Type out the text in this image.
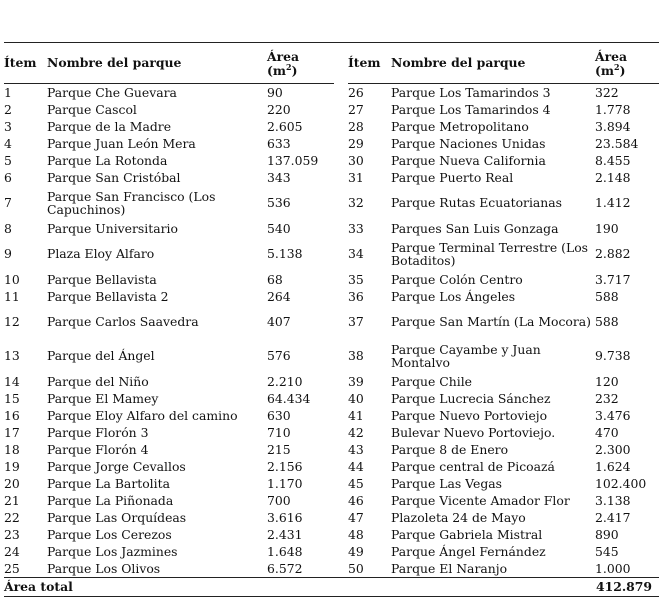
Ítem Nombre del parque	Área
$(m^2)$
1	Parque Che Guevara	90
2	Parque Cascol	220
3	Parque de la Madre	2.605
4	Parque Juan León Mera	633
5	Parque La Rotonda	137.059
6	Parque San Cristóbal	343
7	Parque San Francisco (Los Capuchinos)	536
8	Parque Universitario	540
9	Plaza Eloy Alfaro	5.138
10	Parque Bellavista	68
11	Parque Bellavista 2	264
12	Parque Carlos Saavedra	407
13	Parque del Ángel	576
14	Parque del Niño	2.210
15	Parque El Mamey	64.434
16	Parque Eloy Alfaro del camino	630
17	Parque Florón 3	710
18	Parque Florón 4	215
19	Parque Jorge Cevallos	2.156
20	Parque La Bartolita	1.170
21	Parque La Piñonada	700
22	Parque Las Orquídeas	3.616
23	Parque Los Cerezos	2.431
24	Parque Los Jazmines	1.648
25	Parque Los Olivos	6.572
Ítem Nombre del parque	Área
$(m^2)$
26	Parque Los Tamarindos 3	322
27	Parque Los Tamarindos 4	1.778
28	Parque Metropolitano	3.894
29	Parque Naciones Unidas	23.584
30	Parque Nueva California	8.455
31	Parque Puerto Real	2.148
32	Parque Rutas Ecuatorianas	1.412
33	Parques San Luis Gonzaga	190
34	Parque Terminal Terrestre (Los Botaditos)	2.882
35	Parque Colón Centro	3.717
36	Parque Los Ángeles	588
37	Parque San Martín (La Mocora) 588
38	Parque Cayambe y Juan Montalvo	9.738
39	Parque Chile	120
40	Parque Lucrecia Sánchez	232
41	Parque Nuevo Portoviejo	3.476
42	Bulevar Nuevo Portoviejo.	470
43	Parque 8 de Enero	2.300
44	Parque central de Picoazá	1.624
45	Parque Las Vegas	102.400
46	Parque Vicente Amador Flor	3.138
47	Plazoleta 24 de Mayo	2.417
48	Parque Gabriela Mistral	890
49	Parque Ángel Fernández	545
50	Parque El Naranjo	1.000
Área total	412.879
